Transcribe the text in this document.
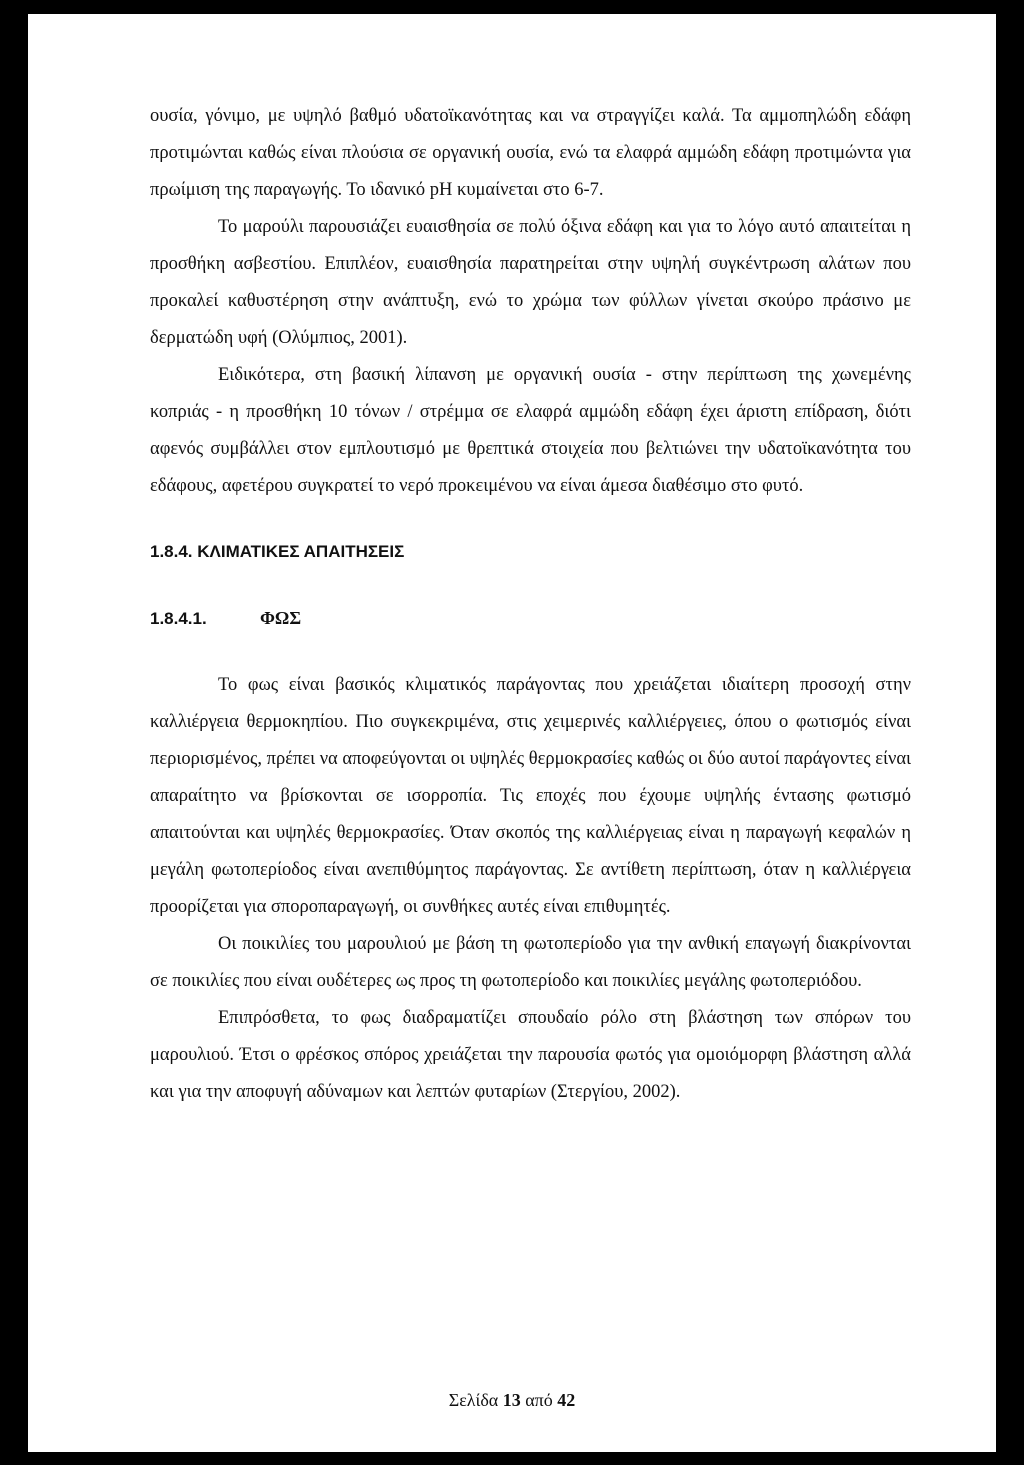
ουσία, γόνιμο, με υψηλό βαθμό υδατοϊκανότητας και να στραγγίζει καλά. Τα αμμοπηλώδη εδάφη προτιμώνται καθώς είναι πλούσια σε οργανική ουσία, ενώ τα ελαφρά αμμώδη εδάφη προτιμώντα για πρωίμιση της παραγωγής. Το ιδανικό pH κυμαίνεται στο 6-7.

Το μαρούλι παρουσιάζει ευαισθησία σε πολύ όξινα εδάφη και για το λόγο αυτό απαιτείται η προσθήκη ασβεστίου. Επιπλέον, ευαισθησία παρατηρείται στην υψηλή συγκέντρωση αλάτων που προκαλεί καθυστέρηση στην ανάπτυξη, ενώ το χρώμα των φύλλων γίνεται σκούρο πράσινο με δερματώδη υφή (Ολύμπιος, 2001).

Ειδικότερα, στη βασική λίπανση με οργανική ουσία - στην περίπτωση της χωνεμένης κοπριάς - η προσθήκη 10 τόνων / στρέμμα σε ελαφρά αμμώδη εδάφη έχει άριστη επίδραση, διότι αφενός συμβάλλει στον εμπλουτισμό με θρεπτικά στοιχεία που βελτιώνει την υδατοϊκανότητα του εδάφους, αφετέρου συγκρατεί το νερό προκειμένου να είναι άμεσα διαθέσιμο στο φυτό.

1.8.4. ΚΛΙΜΑΤΙΚΕΣ ΑΠΑΙΤΗΣΕΙΣ

1.8.4.1.	ΦΩΣ

Το φως είναι βασικός κλιματικός παράγοντας που χρειάζεται ιδιαίτερη προσοχή στην καλλιέργεια θερμοκηπίου. Πιο συγκεκριμένα, στις χειμερινές καλλιέργειες, όπου ο φωτισμός είναι περιορισμένος, πρέπει να αποφεύγονται οι υψηλές θερμοκρασίες καθώς οι δύο αυτοί παράγοντες είναι απαραίτητο να βρίσκονται σε ισορροπία. Τις εποχές που έχουμε υψηλής έντασης φωτισμό απαιτούνται και υψηλές θερμοκρασίες. Όταν σκοπός της καλλιέργειας είναι η παραγωγή κεφαλών η μεγάλη φωτοπερίοδος είναι ανεπιθύμητος παράγοντας. Σε αντίθετη περίπτωση, όταν η καλλιέργεια προορίζεται για σποροπαραγωγή, οι συνθήκες αυτές είναι επιθυμητές.

Οι ποικιλίες του μαρουλιού με βάση τη φωτοπερίοδο για την ανθική επαγωγή διακρίνονται σε ποικιλίες που είναι ουδέτερες ως προς τη φωτοπερίοδο και ποικιλίες μεγάλης φωτοπεριόδου.

Επιπρόσθετα, το φως διαδραματίζει σπουδαίο ρόλο στη βλάστηση των σπόρων του μαρουλιού. Έτσι ο φρέσκος σπόρος χρειάζεται την παρουσία φωτός για ομοιόμορφη βλάστηση αλλά και για την αποφυγή αδύναμων και λεπτών φυταρίων (Στεργίου, 2002).

Σελίδα 13 από 42
